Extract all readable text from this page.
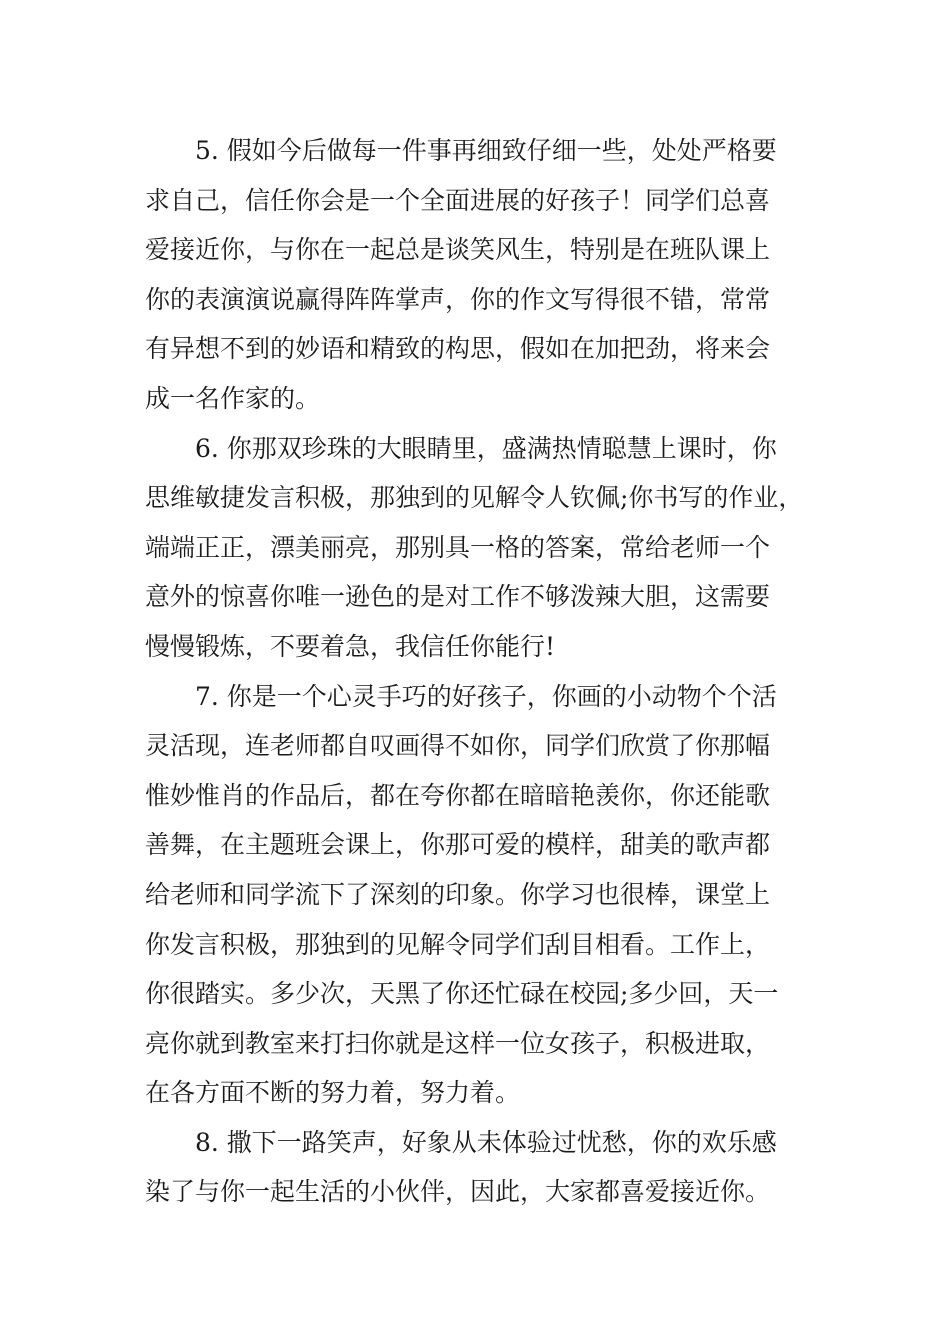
5. 假如今后做每一件事再细致仔细一些，处处严格要
求自己，信任你会是一个全面进展的好孩子！同学们总喜
爱接近你，与你在一起总是谈笑风生，特别是在班队课上
你的表演演说赢得阵阵掌声，你的作文写得很不错，常常
有异想不到的妙语和精致的构思，假如在加把劲，将来会
成一名作家的。
6. 你那双珍珠的大眼睛里，盛满热情聪慧上课时，你
思维敏捷发言积极，那独到的见解令人钦佩;你书写的作业，
端端正正，漂美丽亮，那别具一格的答案，常给老师一个
意外的惊喜你唯一逊色的是对工作不够泼辣大胆，这需要
慢慢锻炼，不要着急，我信任你能行!
7. 你是一个心灵手巧的好孩子，你画的小动物个个活
灵活现，连老师都自叹画得不如你，同学们欣赏了你那幅
惟妙惟肖的作品后，都在夸你都在暗暗艳羡你，你还能歌
善舞，在主题班会课上，你那可爱的模样，甜美的歌声都
给老师和同学流下了深刻的印象。你学习也很棒，课堂上
你发言积极，那独到的见解令同学们刮目相看。工作上，
你很踏实。多少次，天黑了你还忙碌在校园;多少回，天一
亮你就到教室来打扫你就是这样一位女孩子，积极进取，
在各方面不断的努力着，努力着。
8. 撒下一路笑声，好象从未体验过忧愁，你的欢乐感
染了与你一起生活的小伙伴，因此，大家都喜爱接近你。
